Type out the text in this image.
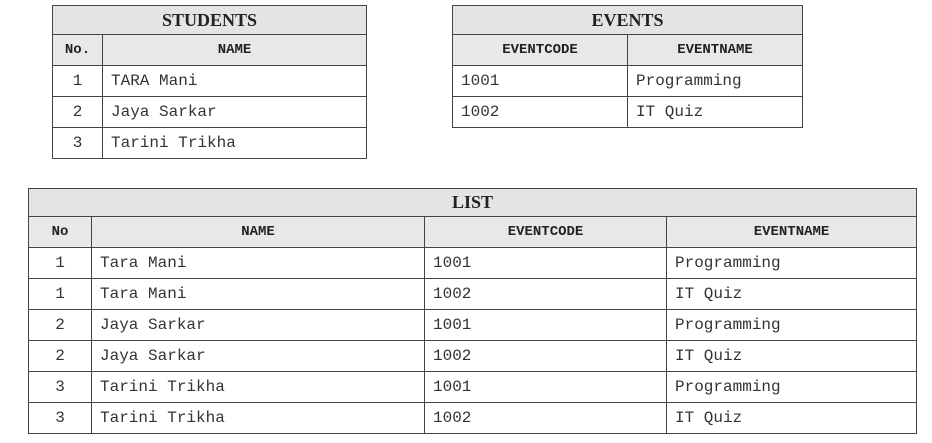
STUDENTS	
No.	NAME
1	TARA Mani
2	Jaya Sarkar
3	Tarini Trikha
EVENTS	
EVENTCODE	EVENTNAME
1001	Programming
1002	IT Quiz
LIST			
No	NAME	EVENTCODE	EVENTNAME
1	Tara Mani	1001	Programming
1	Tara Mani	1002	IT Quiz
2	Jaya Sarkar	1001	Programming
2	Jaya Sarkar	1002	IT Quiz
3	Tarini Trikha	1001	Programming
3	Tarini Trikha	1002	IT Quiz
